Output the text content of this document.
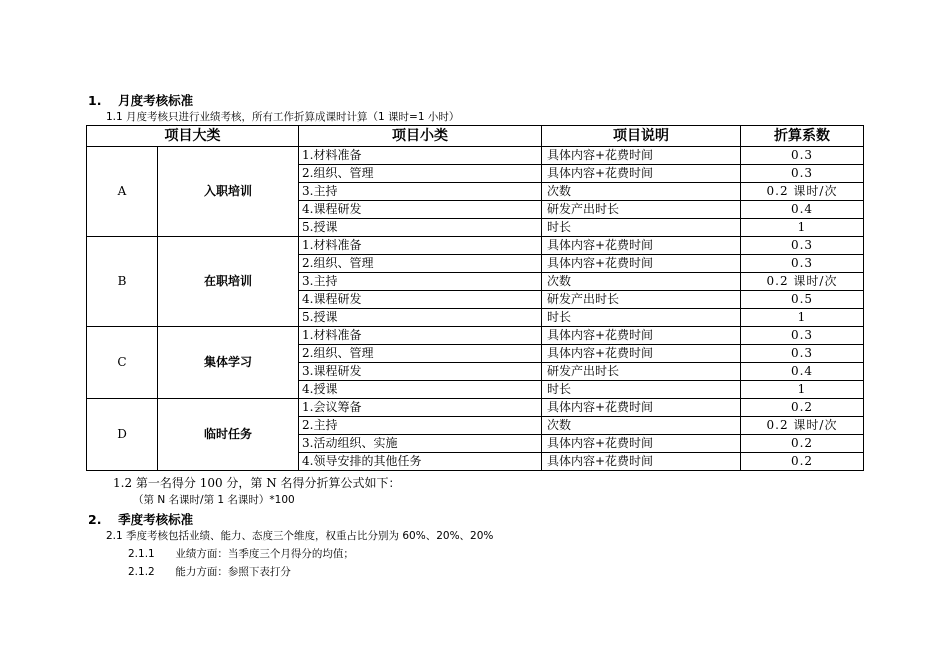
1. 月度考核标准
1.1 月度考核只进行业绩考核，所有工作折算成课时计算（1 课时=1 小时）
项目大类		项目小类	项目说明	折算系数
A	入职培训	1.材料准备	具体内容+花费时间	0.3
		2.组织、管理	具体内容+花费时间	0.3
		3.主持	次数	0.2 课时/次
		4.课程研发	研发产出时长	0.4
		5.授课	时长	1
B	在职培训	1.材料准备	具体内容+花费时间	0.3
		2.组织、管理	具体内容+花费时间	0.3
		3.主持	次数	0.2 课时/次
		4.课程研发	研发产出时长	0.5
		5.授课	时长	1
C	集体学习	1.材料准备	具体内容+花费时间	0.3
		2.组织、管理	具体内容+花费时间	0.3
		3.课程研发	研发产出时长	0.4
		4.授课	时长	1
D	临时任务	1.会议筹备	具体内容+花费时间	0.2
		2.主持	次数	0.2 课时/次
		3.活动组织、实施	具体内容+花费时间	0.2
		4.领导安排的其他任务	具体内容+花费时间	0.2
1.2 第一名得分 100 分，第 N 名得分折算公式如下：
（第 N 名课时/第 1 名课时）*100
2. 季度考核标准
2.1 季度考核包括业绩、能力、态度三个维度，权重占比分别为 60%、20%、20%
2.1.1 业绩方面：当季度三个月得分的均值；
2.1.2 能力方面：参照下表打分
